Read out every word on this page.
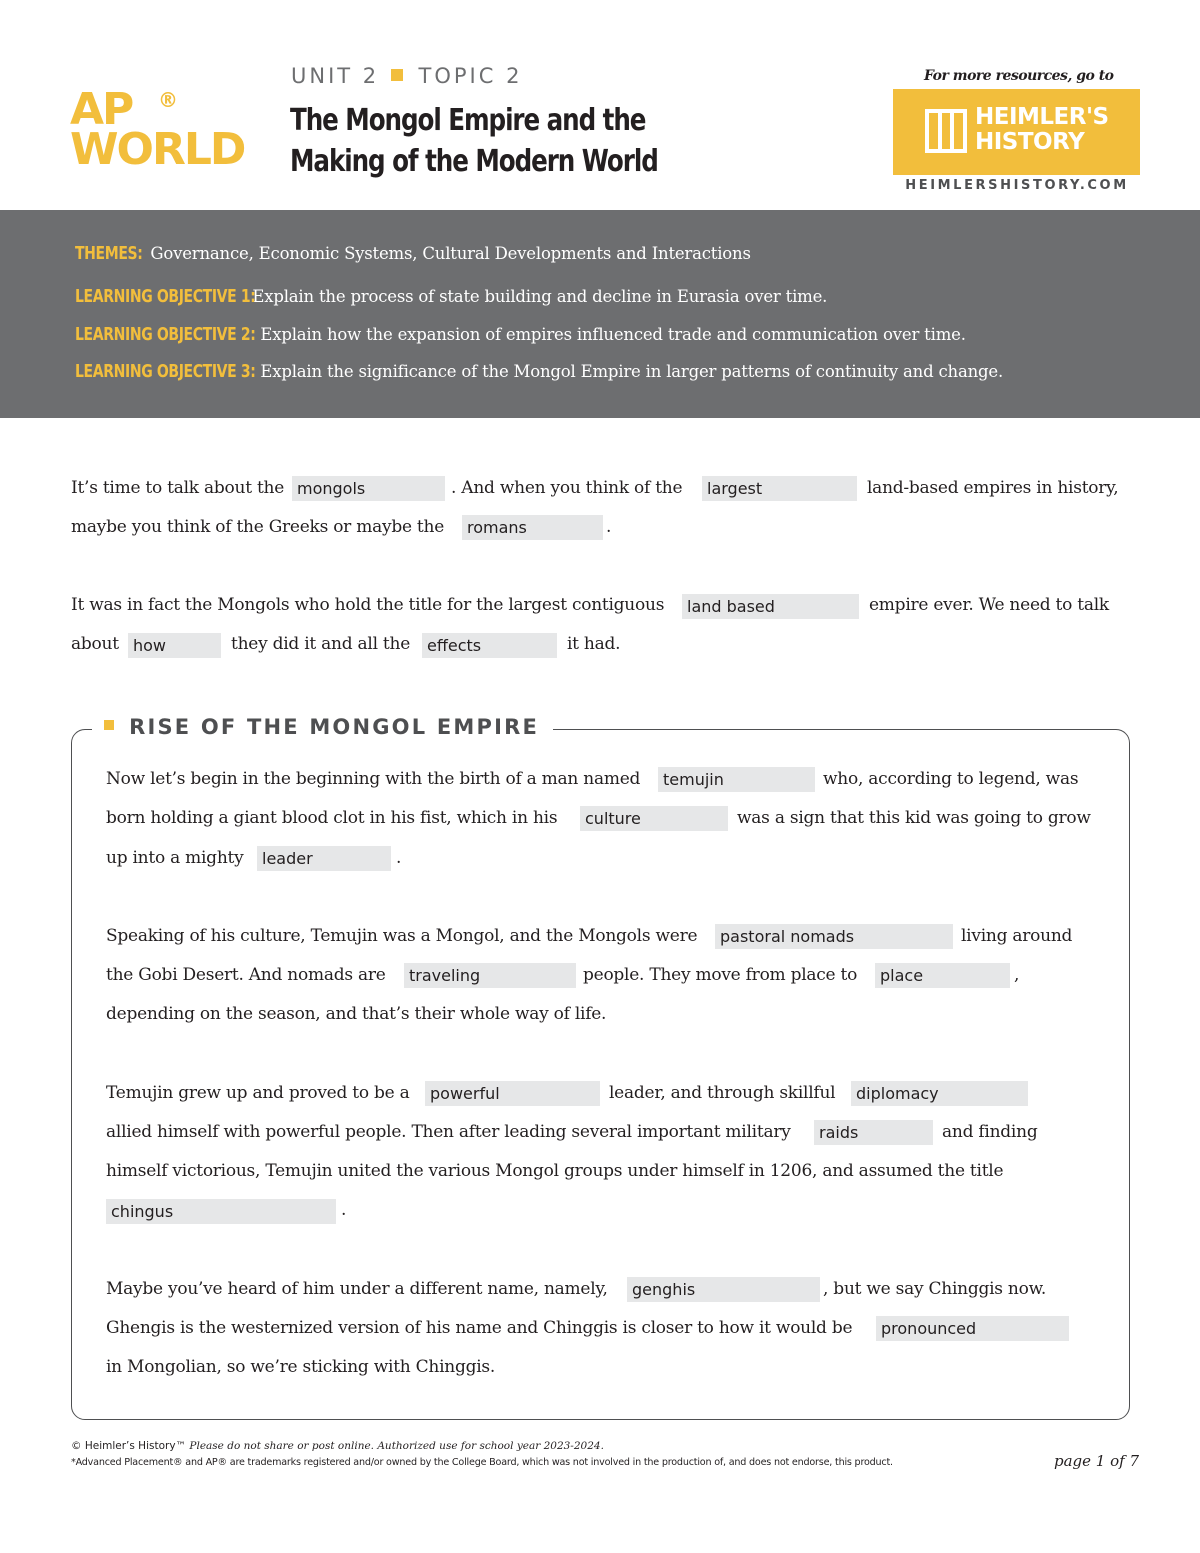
AP ®
WORLD
UNIT 2 TOPIC 2
The Mongol Empire and the
Making of the Modern World
For more resources, go to
HEIMLER'S
HISTORY
HEIMLERSHISTORY.COM
THEMES: Governance, Economic Systems, Cultural Developments and Interactions
LEARNING OBJECTIVE 1: Explain the process of state building and decline in Eurasia over time.
LEARNING OBJECTIVE 2: Explain how the expansion of empires influenced trade and communication over time.
LEARNING OBJECTIVE 3: Explain the significance of the Mongol Empire in larger patterns of continuity and change.
It’s time to talk about the mongols	. And when you think of the	largest	land-based empires in history,
maybe you think of the Greeks or maybe the	romans	.
It was in fact the Mongols who hold the title for the largest contiguous	land based	empire ever. We need to talk
about how	they did it and all the	effects	it had.
RISE OF THE MONGOL EMPIRE
Now let’s begin in the beginning with the birth of a man named	temujin	who, according to legend, was
born holding a giant blood clot in his fist, which in his	culture	was a sign that this kid was going to grow
up into a mighty	leader	.
Speaking of his culture, Temujin was a Mongol, and the Mongols were	pastoral nomads	living around
the Gobi Desert. And nomads are	traveling	people. They move from place to	place	,
depending on the season, and that’s their whole way of life.
Temujin grew up and proved to be a	powerful	leader, and through skillful	diplomacy
allied himself with powerful people. Then after leading several important military	raids	and finding
himself victorious, Temujin united the various Mongol groups under himself in 1206, and assumed the title
chingus	.
Maybe you’ve heard of him under a different name, namely,	genghis	, but we say Chinggis now.
Ghengis is the westernized version of his name and Chinggis is closer to how it would be	pronounced
in Mongolian, so we’re sticking with Chinggis.
© Heimler’s History™ Please do not share or post online. Authorized use for school year 2023-2024.
*Advanced Placement® and AP® are trademarks registered and/or owned by the College Board, which was not involved in the production of, and does not endorse, this product.	page 1 of 7
